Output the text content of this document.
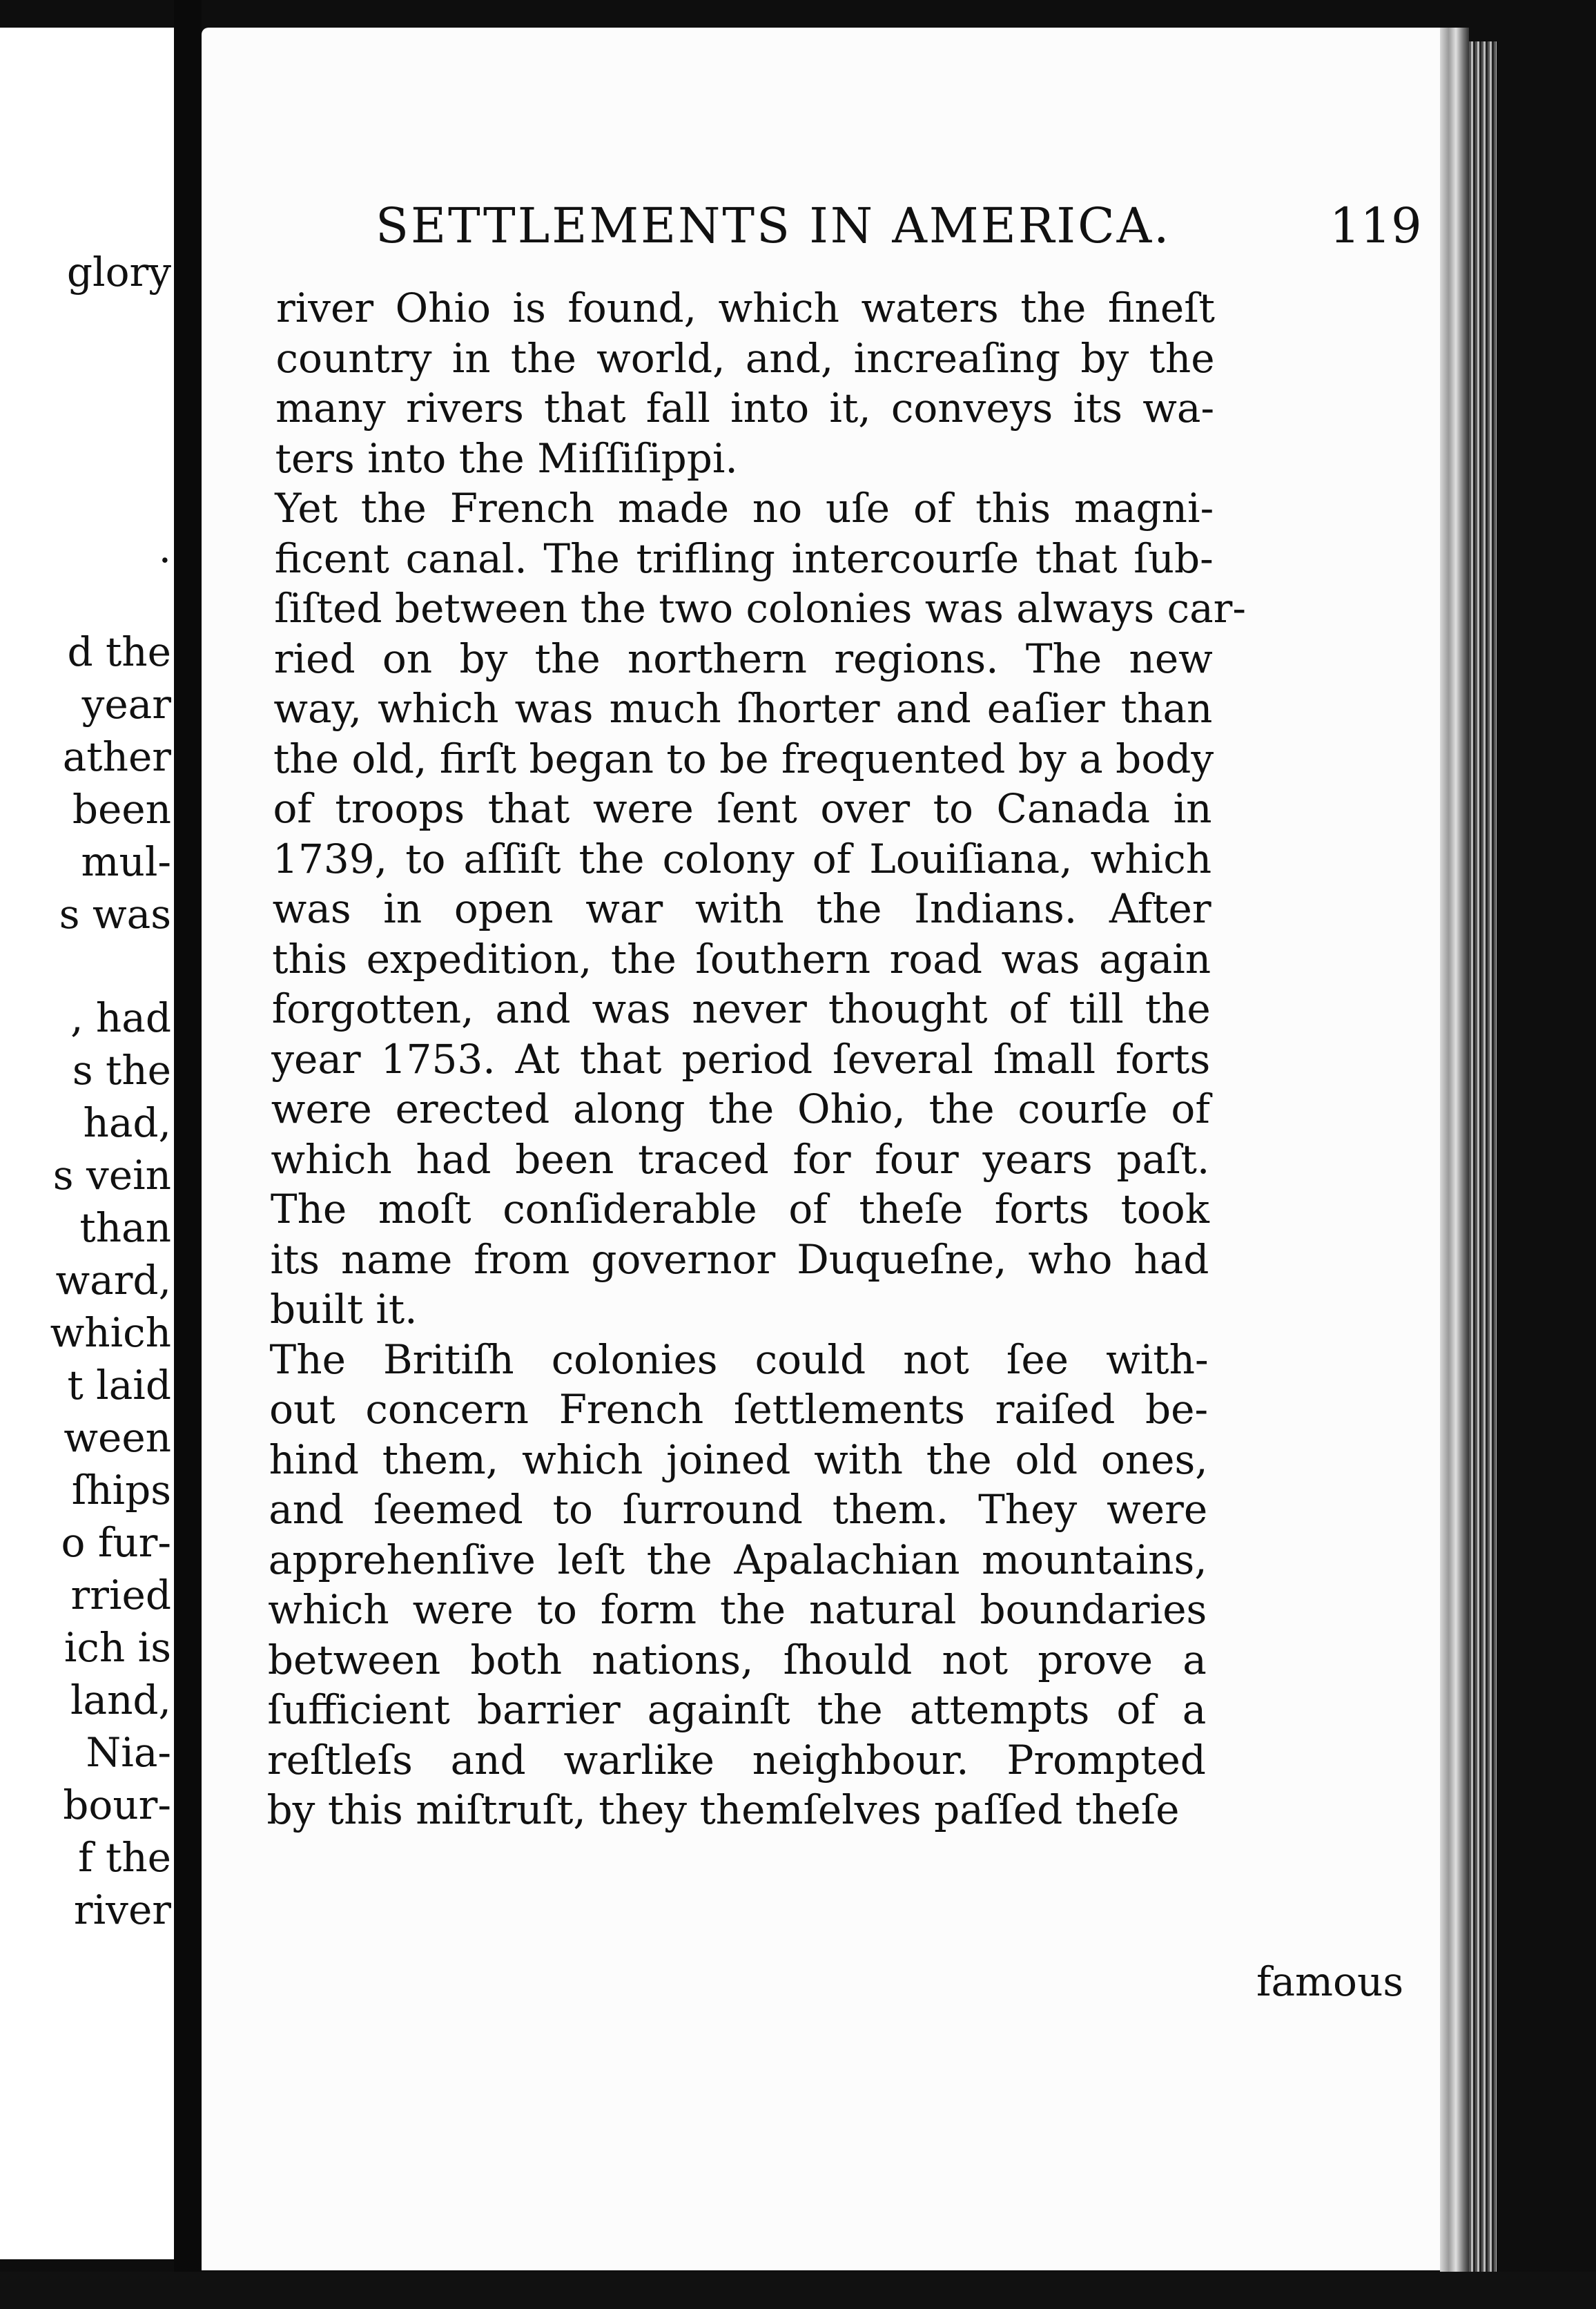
glory
.
d the
year
ather
been
mul-
s was
, had
s the
had,
s vein
than
ward,
which
t laid
ween
ſhips
o fur-
rried
ich is
land,
Nia-
bour-
f the
river
SETTLEMENTS IN AMERICA.	119
river Ohio is found, which waters the fineſt
country in the world, and, increaſing by the
many rivers that fall into it, conveys its wa-
ters into the Miſſiſippi.
Yet the French made no uſe of this magni-
ficent canal. The trifling intercourſe that ſub-
ſiſted between the two colonies was always car-
ried on by the northern regions. The new
way, which was much ſhorter and eaſier than
the old, firſt began to be frequented by a body
of troops that were ſent over to Canada in
1739, to aſſiſt the colony of Louiſiana, which
was in open war with the Indians. After
this expedition, the ſouthern road was again
forgotten, and was never thought of till the
year 1753. At that period ſeveral ſmall forts
were erected along the Ohio, the courſe of
which had been traced for four years paſt.
The moſt conſiderable of theſe forts took
its name from governor Duqueſne, who had
built it.
The Britiſh colonies could not ſee with-
out concern French ſettlements raiſed be-
hind them, which joined with the old ones,
and ſeemed to ſurround them. They were
apprehenſive leſt the Apalachian mountains,
which were to form the natural boundaries
between both nations, ſhould not prove a
ſufficient barrier againſt the attempts of a
reſtleſs and warlike neighbour. Prompted
by this miſtruſt, they themſelves paſſed theſe
famous
